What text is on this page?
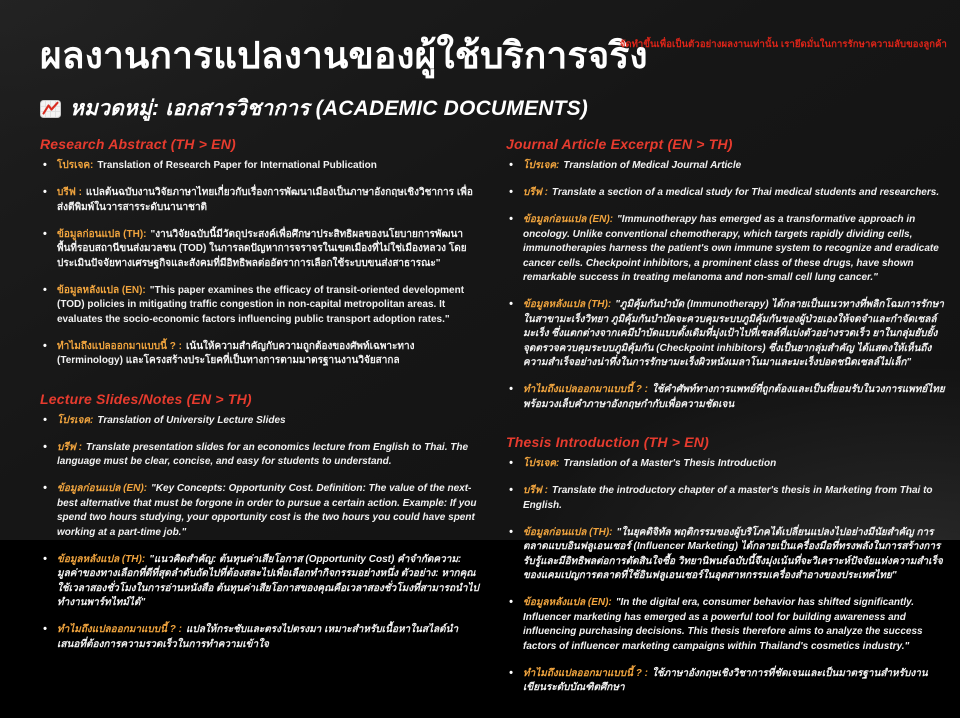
จัดทำขึ้นเพื่อเป็นตัวอย่างผลงานเท่านั้น เรายึดมั่นในการรักษาความลับของลูกค้า
ผลงานการแปลงานของผู้ใช้บริการจริง
หมวดหมู่: เอกสารวิชาการ (ACADEMIC DOCUMENTS)
Research Abstract (TH > EN)
• โปรเจค: Translation of Research Paper for International Publication
• บรีฟ : แปลต้นฉบับงานวิจัยภาษาไทยเกี่ยวกับเรื่องการพัฒนาเมืองเป็นภาษาอังกฤษเชิงวิชาการ เพื่อส่งตีพิมพ์ในวารสารระดับนานาชาติ
• ข้อมูลก่อนแปล (TH): "งานวิจัยฉบับนี้มีวัตถุประสงค์เพื่อศึกษาประสิทธิผลของนโยบายการพัฒนาพื้นที่รอบสถานีขนส่งมวลชน (TOD) ในการลดปัญหาการจราจรในเขตเมืองที่ไม่ใช่เมืองหลวง โดยประเมินปัจจัยทางเศรษฐกิจและสังคมที่มีอิทธิพลต่ออัตราการเลือกใช้ระบบขนส่งสาธารณะ"
• ข้อมูลหลังแปล (EN): "This paper examines the efficacy of transit-oriented development (TOD) policies in mitigating traffic congestion in non-capital metropolitan areas. It evaluates the socio-economic factors influencing public transport adoption rates."
• ทำไมถึงแปลออกมาแบบนี้ ? : เน้นให้ความสำคัญกับความถูกต้องของศัพท์เฉพาะทาง (Terminology) และโครงสร้างประโยคที่เป็นทางการตามมาตรฐานงานวิจัยสากล
Lecture Slides/Notes (EN > TH)
• โปรเจค: Translation of University Lecture Slides
• บรีฟ : Translate presentation slides for an economics lecture from English to Thai. The language must be clear, concise, and easy for students to understand.
• ข้อมูลก่อนแปล (EN): "Key Concepts: Opportunity Cost. Definition: The value of the next-best alternative that must be forgone in order to pursue a certain action. Example: If you spend two hours studying, your opportunity cost is the two hours you could have spent working at a part-time job."
• ข้อมูลหลังแปล (TH): "แนวคิดสำคัญ: ต้นทุนค่าเสียโอกาส (Opportunity Cost) คำจำกัดความ: มูลค่าของทางเลือกที่ดีที่สุดลำดับถัดไปที่ต้องสละไปเพื่อเลือกทำกิจกรรมอย่างหนึ่ง ตัวอย่าง: หากคุณใช้เวลาสองชั่วโมงในการอ่านหนังสือ ต้นทุนค่าเสียโอกาสของคุณคือเวลาสองชั่วโมงที่สามารถนำไปทำงานพาร์ทไทม์ได้"
• ทำไมถึงแปลออกมาแบบนี้ ? : แปลให้กระชับและตรงไปตรงมา เหมาะสำหรับเนื้อหาในสไลด์นำเสนอที่ต้องการความรวดเร็วในการทำความเข้าใจ
Journal Article Excerpt (EN > TH)
• โปรเจค: Translation of Medical Journal Article
• บรีฟ : Translate a section of a medical study for Thai medical students and researchers.
• ข้อมูลก่อนแปล (EN): "Immunotherapy has emerged as a transformative approach in oncology. Unlike conventional chemotherapy, which targets rapidly dividing cells, immunotherapies harness the patient's own immune system to recognize and eradicate cancer cells. Checkpoint inhibitors, a prominent class of these drugs, have shown remarkable success in treating melanoma and non-small cell lung cancer."
• ข้อมูลหลังแปล (TH): "ภูมิคุ้มกันบำบัด (Immunotherapy) ได้กลายเป็นแนวทางที่พลิกโฉมการรักษาในสาขามะเร็งวิทยา ภูมิคุ้มกันบำบัดจะควบคุมระบบภูมิคุ้มกันของผู้ป่วยเองให้จดจำและกำจัดเซลล์มะเร็ง ซึ่งแตกต่างจากเคมีบำบัดแบบดั้งเดิมที่มุ่งเป้าไปที่เซลล์ที่แบ่งตัวอย่างรวดเร็ว ยาในกลุ่มยับยั้งจุดตรวจควบคุมระบบภูมิคุ้มกัน (Checkpoint inhibitors) ซึ่งเป็นยากลุ่มสำคัญ ได้แสดงให้เห็นถึงความสำเร็จอย่างน่าทึ่งในการรักษามะเร็งผิวหนังเมลาโนมาและมะเร็งปอดชนิดเซลล์ไม่เล็ก"
• ทำไมถึงแปลออกมาแบบนี้ ? : ใช้คำศัพท์ทางการแพทย์ที่ถูกต้องและเป็นที่ยอมรับในวงการแพทย์ไทย พร้อมวงเล็บคำภาษาอังกฤษกำกับเพื่อความชัดเจน
Thesis Introduction (TH > EN)
• โปรเจค: Translation of a Master's Thesis Introduction
• บรีฟ : Translate the introductory chapter of a master's thesis in Marketing from Thai to English.
• ข้อมูลก่อนแปล (TH): "ในยุคดิจิทัล พฤติกรรมของผู้บริโภคได้เปลี่ยนแปลงไปอย่างมีนัยสำคัญ การตลาดแบบอินฟลูเอนเซอร์ (Influencer Marketing) ได้กลายเป็นเครื่องมือที่ทรงพลังในการสร้างการรับรู้และมีอิทธิพลต่อการตัดสินใจซื้อ วิทยานิพนธ์ฉบับนี้จึงมุ่งเน้นที่จะวิเคราะห์ปัจจัยแห่งความสำเร็จของแคมเปญการตลาดที่ใช้อินฟลูเอนเซอร์ในอุตสาหกรรมเครื่องสำอางของประเทศไทย"
• ข้อมูลหลังแปล (EN): "In the digital era, consumer behavior has shifted significantly. Influencer marketing has emerged as a powerful tool for building awareness and influencing purchasing decisions. This thesis therefore aims to analyze the success factors of influencer marketing campaigns within Thailand's cosmetics industry."
• ทำไมถึงแปลออกมาแบบนี้ ? : ใช้ภาษาอังกฤษเชิงวิชาการที่ชัดเจนและเป็นมาตรฐานสำหรับงานเขียนระดับบัณฑิตศึกษา
